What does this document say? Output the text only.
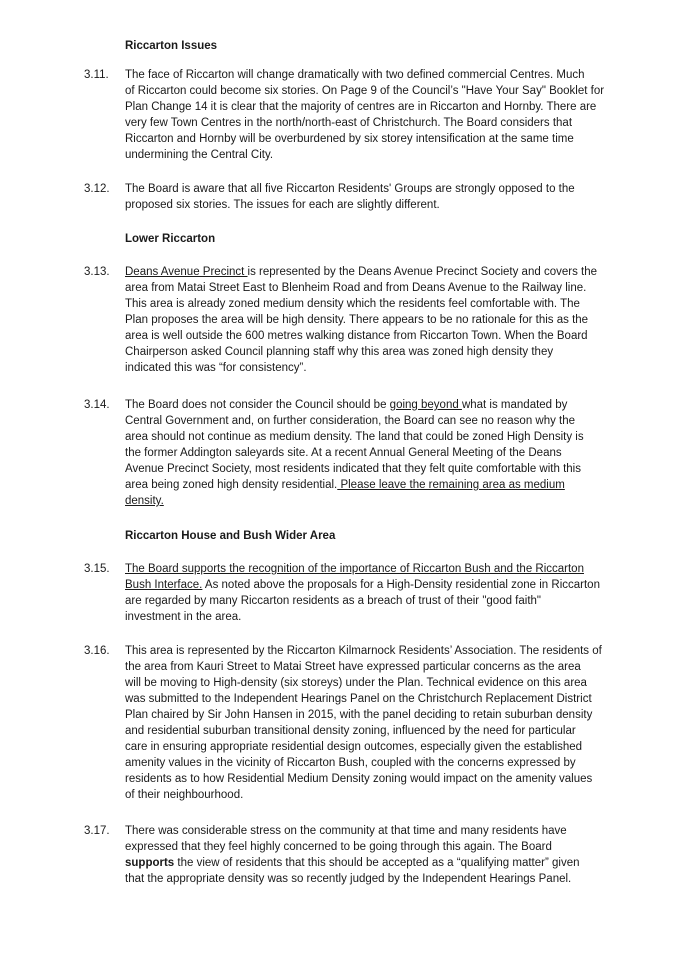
Riccarton Issues
3.11.	The face of Riccarton will change dramatically with two defined commercial Centres. Much
of Riccarton could become six stories. On Page 9 of the Council’s "Have Your Say" Booklet for
Plan Change 14 it is clear that the majority of centres are in Riccarton and Hornby. There are
very few Town Centres in the north/north-east of Christchurch. The Board considers that
Riccarton and Hornby will be overburdened by six storey intensification at the same time
undermining the Central City.
3.12.	The Board is aware that all five Riccarton Residents' Groups are strongly opposed to the
proposed six stories. The issues for each are slightly different.
Lower Riccarton
3.13.	Deans Avenue Precinct is represented by the Deans Avenue Precinct Society and covers the
area from Matai Street East to Blenheim Road and from Deans Avenue to the Railway line.
This area is already zoned medium density which the residents feel comfortable with. The
Plan proposes the area will be high density. There appears to be no rationale for this as the
area is well outside the 600 metres walking distance from Riccarton Town. When the Board
Chairperson asked Council planning staff why this area was zoned high density they
indicated this was “for consistency”.
3.14.	The Board does not consider the Council should be going beyond what is mandated by
Central Government and, on further consideration, the Board can see no reason why the
area should not continue as medium density. The land that could be zoned High Density is
the former Addington saleyards site. At a recent Annual General Meeting of the Deans
Avenue Precinct Society, most residents indicated that they felt quite comfortable with this
area being zoned high density residential. Please leave the remaining area as medium
density.
Riccarton House and Bush Wider Area
3.15.	The Board supports the recognition of the importance of Riccarton Bush and the Riccarton
Bush Interface. As noted above the proposals for a High-Density residential zone in Riccarton
are regarded by many Riccarton residents as a breach of trust of their "good faith"
investment in the area.
3.16.	This area is represented by the Riccarton Kilmarnock Residents’ Association. The residents of
the area from Kauri Street to Matai Street have expressed particular concerns as the area
will be moving to High-density (six storeys) under the Plan. Technical evidence on this area
was submitted to the Independent Hearings Panel on the Christchurch Replacement District
Plan chaired by Sir John Hansen in 2015, with the panel deciding to retain suburban density
and residential suburban transitional density zoning, influenced by the need for particular
care in ensuring appropriate residential design outcomes, especially given the established
amenity values in the vicinity of Riccarton Bush, coupled with the concerns expressed by
residents as to how Residential Medium Density zoning would impact on the amenity values
of their neighbourhood.
3.17.	There was considerable stress on the community at that time and many residents have
expressed that they feel highly concerned to be going through this again. The Board
supports the view of residents that this should be accepted as a “qualifying matter” given
that the appropriate density was so recently judged by the Independent Hearings Panel.
